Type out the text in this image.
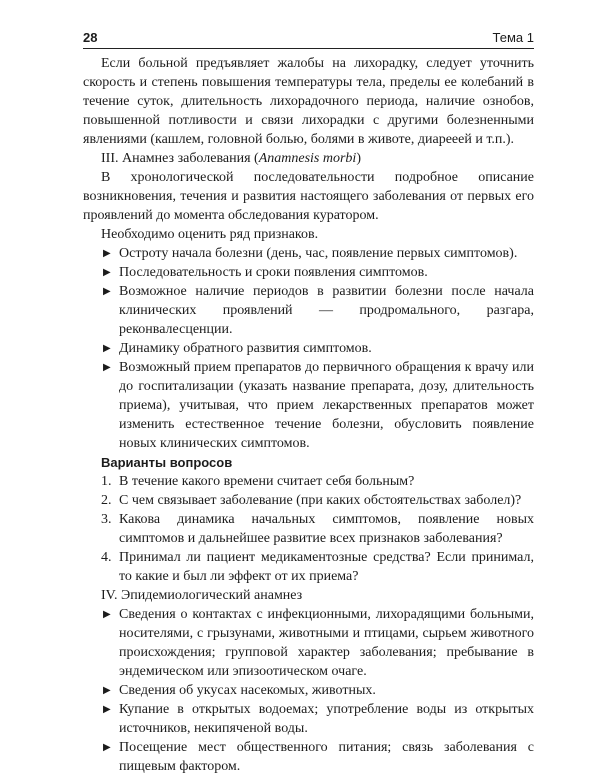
28	Тема 1

Если больной предъявляет жалобы на лихорадку, следует уточнить скорость и степень повышения температуры тела, пределы ее колебаний в течение суток, длительность лихорадочного периода, наличие ознобов, повышенной потливости и связи лихорадки с другими болезненными явлениями (кашлем, головной болью, болями в животе, диарееей и т.п.).

III. Анамнез заболевания (Anamnesis morbi)

В хронологической последовательности подробное описание возникновения, течения и развития настоящего заболевания от первых его проявлений до момента обследования куратором.

Необходимо оценить ряд признаков.

▶ Остроту начала болезни (день, час, появление первых симптомов).
▶ Последовательность и сроки появления симптомов.
▶ Возможное наличие периодов в развитии болезни после начала клинических проявлений — продромального, разгара, реконвалесценции.
▶ Динамику обратного развития симптомов.
▶ Возможный прием препаратов до первичного обращения к врачу или до госпитализации (указать название препарата, дозу, длительность приема), учитывая, что прием лекарственных препаратов может изменить естественное течение болезни, обусловить появление новых клинических симптомов.

Варианты вопросов

1. В течение какого времени считает себя больным?
2. С чем связывает заболевание (при каких обстоятельствах заболел)?
3. Какова динамика начальных симптомов, появление новых симптомов и дальнейшее развитие всех признаков заболевания?
4. Принимал ли пациент медикаментозные средства? Если принимал, то какие и был ли эффект от их приема?

IV. Эпидемиологический анамнез

▶ Сведения о контактах с инфекционными, лихорадящими больными, носителями, с грызунами, животными и птицами, сырьем животного происхождения; групповой характер заболевания; пребывание в эндемическом или эпизоотическом очаге.
▶ Сведения об укусах насекомых, животных.
▶ Купание в открытых водоемах; употребление воды из открытых источников, некипяченой воды.
▶ Посещение мест общественного питания; связь заболевания с пищевым фактором.
